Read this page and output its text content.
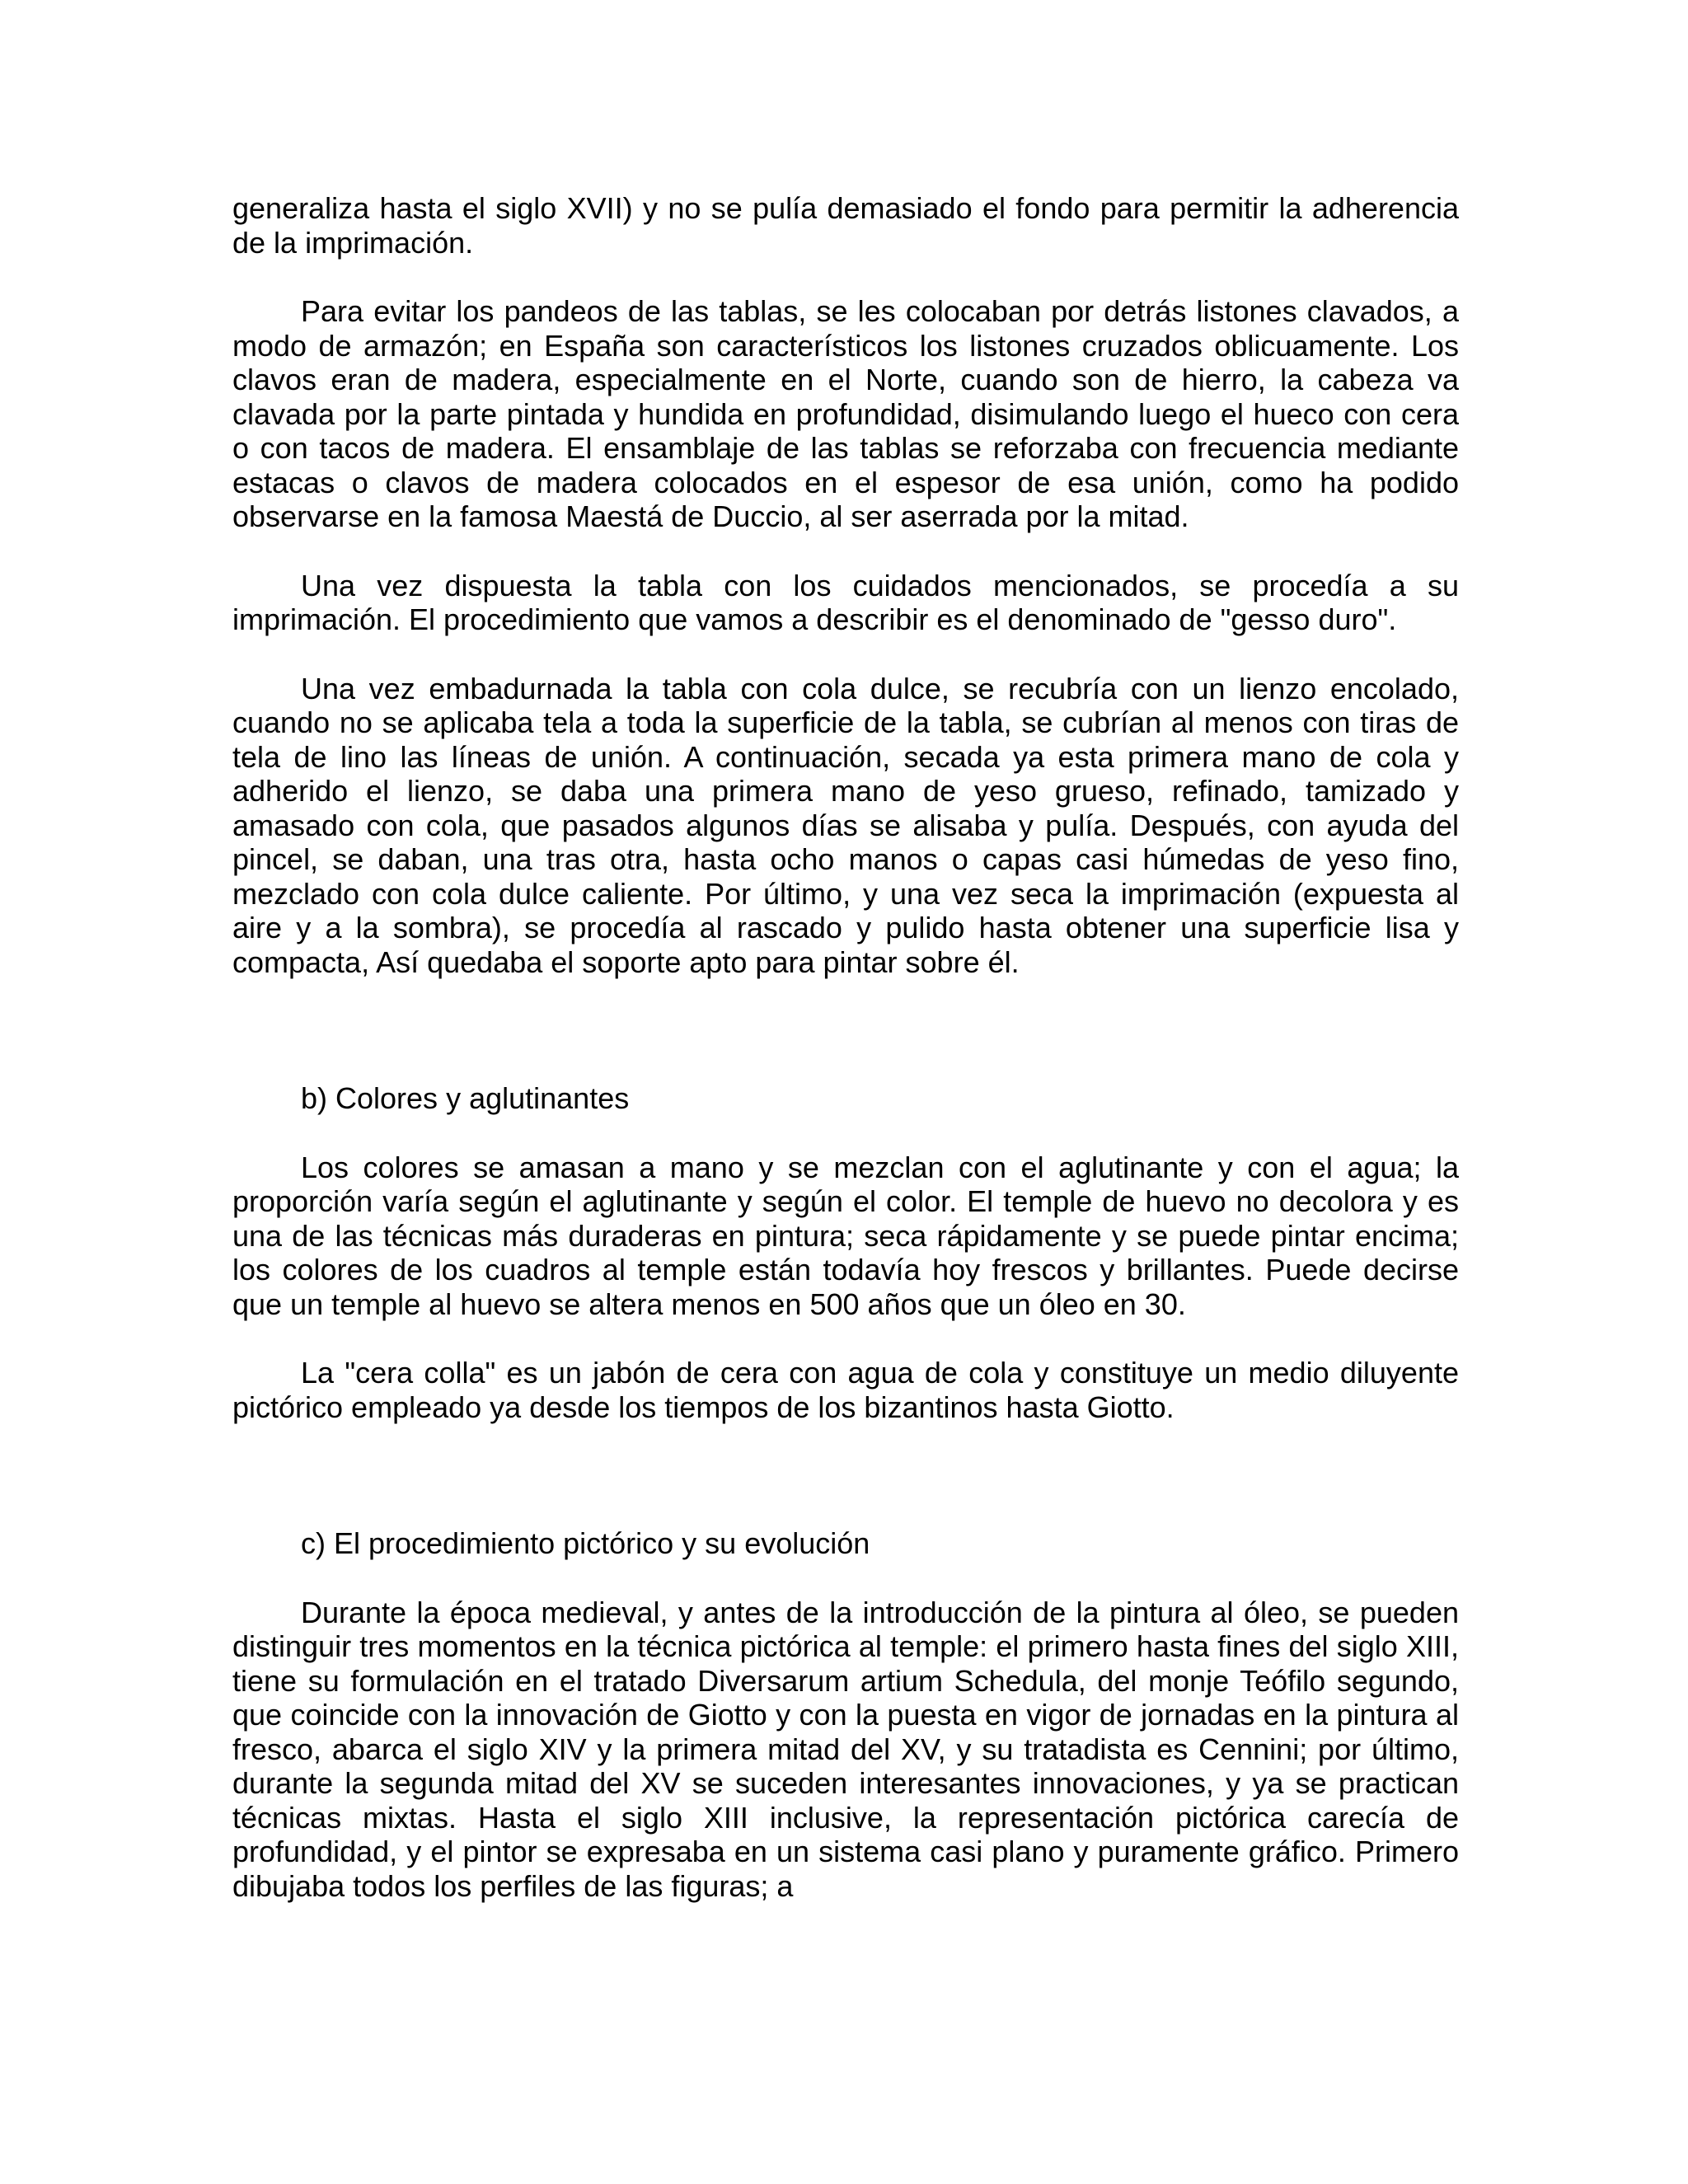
generaliza hasta el siglo XVII) y no se pulía demasiado el fondo para permitir la adherencia de la imprimación.

Para evitar los pandeos de las tablas, se les colocaban por detrás listones clavados, a modo de armazón; en España son característicos los listones cruzados oblicuamente. Los clavos eran de madera, especialmente en el Norte, cuando son de hierro, la cabeza va clavada por la parte pintada y hundida en profundidad, disimulando luego el hueco con cera o con tacos de madera. El ensamblaje de las tablas se reforzaba con frecuencia mediante estacas o clavos de madera colocados en el espesor de esa unión, como ha podido observarse en la famosa Maestá de Duccio, al ser aserrada por la mitad.

Una vez dispuesta la tabla con los cuidados mencionados, se procedía a su imprimación. El procedimiento que vamos a describir es el denominado de "gesso duro".

Una vez embadurnada la tabla con cola dulce, se recubría con un lienzo encolado, cuando no se aplicaba tela a toda la superficie de la tabla, se cubrían al menos con tiras de tela de lino las líneas de unión. A continuación, secada ya esta primera mano de cola y adherido el lienzo, se daba una primera mano de yeso grueso, refinado, tamizado y amasado con cola, que pasados algunos días se alisaba y pulía. Después, con ayuda del pincel, se daban, una tras otra, hasta ocho manos o capas casi húmedas de yeso fino, mezclado con cola dulce caliente. Por último, y una vez seca la imprimación (expuesta al aire y a la sombra), se procedía al rascado y pulido hasta obtener una superficie lisa y compacta, Así quedaba el soporte apto para pintar sobre él.

b) Colores y aglutinantes

Los colores se amasan a mano y se mezclan con el aglutinante y con el agua; la proporción varía según el aglutinante y según el color. El temple de huevo no decolora y es una de las técnicas más duraderas en pintura; seca rápidamente y se puede pintar encima; los colores de los cuadros al temple están todavía hoy frescos y brillantes. Puede decirse que un temple al huevo se altera menos en 500 años que un óleo en 30.

La "cera colla" es un jabón de cera con agua de cola y constituye un medio diluyente pictórico empleado ya desde los tiempos de los bizantinos hasta Giotto.

c) El procedimiento pictórico y su evolución

Durante la época medieval, y antes de la introducción de la pintura al óleo, se pueden distinguir tres momentos en la técnica pictórica al temple: el primero hasta fines del siglo XIII, tiene su formulación en el tratado Diversarum artium Schedula, del monje Teófilo segundo, que coincide con la innovación de Giotto y con la puesta en vigor de jornadas en la pintura al fresco, abarca el siglo XIV y la primera mitad del XV, y su tratadista es Cennini; por último, durante la segunda mitad del XV se suceden interesantes innovaciones, y ya se practican técnicas mixtas. Hasta el siglo XIII inclusive, la representación pictórica carecía de profundidad, y el pintor se expresaba en un sistema casi plano y puramente gráfico. Primero dibujaba todos los perfiles de las figuras; a
